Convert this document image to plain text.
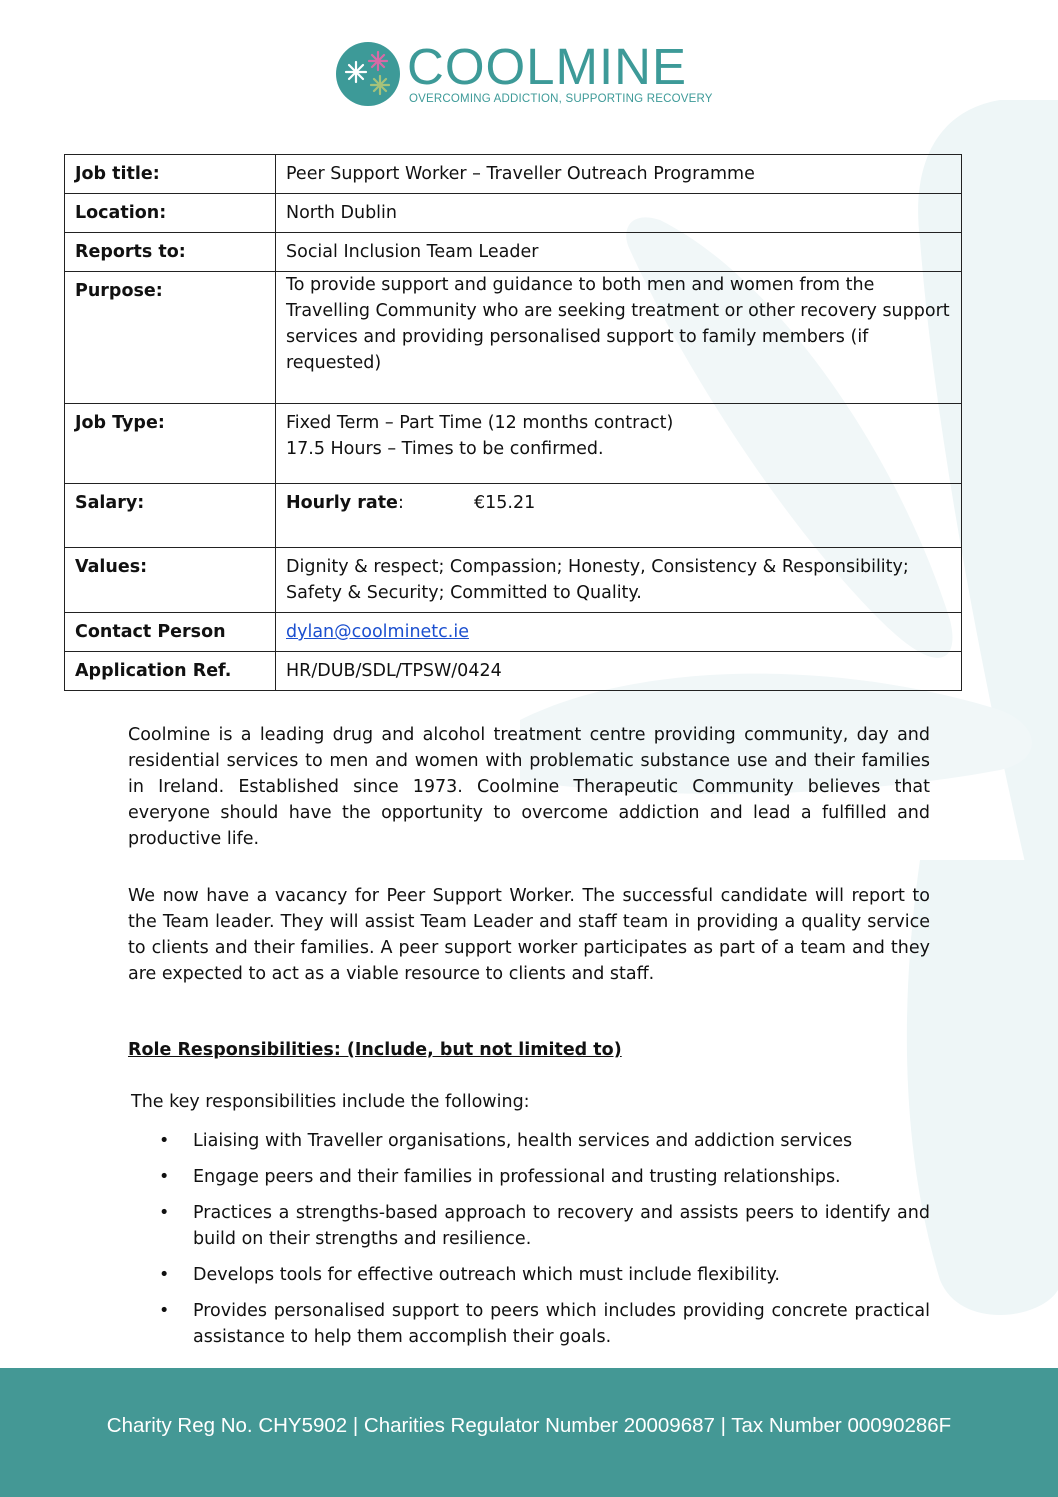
COOLMINE
OVERCOMING ADDICTION, SUPPORTING RECOVERY
Job title:	Peer Support Worker – Traveller Outreach Programme
Location:	North Dublin
Reports to:	Social Inclusion Team Leader
Purpose:	To provide support and guidance to both men and women from the Travelling Community who are seeking treatment or other recovery support services and providing personalised support to family members (if requested)
Job Type:	Fixed Term – Part Time (12 months contract)
17.5 Hours – Times to be confirmed.

Salary:	Hourly rate: €15.21
Values:	Dignity & respect; Compassion; Honesty, Consistency & Responsibility; Safety & Security; Committed to Quality.
Contact Person	dylan@coolminetc.ie
Application Ref.	HR/DUB/SDL/TPSW/0424

Coolmine is a leading drug and alcohol treatment centre providing community, day and residential services to men and women with problematic substance use and their families in Ireland. Established since 1973. Coolmine Therapeutic Community believes that everyone should have the opportunity to overcome addiction and lead a fulfilled and productive life.

We now have a vacancy for Peer Support Worker. The successful candidate will report to the Team leader. They will assist Team Leader and staff team in providing a quality service to clients and their families. A peer support worker participates as part of a team and they are expected to act as a viable resource to clients and staff.

Role Responsibilities: (Include, but not limited to)
The key responsibilities include the following:
• Liaising with Traveller organisations, health services and addiction services
• Engage peers and their families in professional and trusting relationships.
• Practices a strengths-based approach to recovery and assists peers to identify and build on their strengths and resilience.
• Develops tools for effective outreach which must include flexibility.
• Provides personalised support to peers which includes providing concrete practical assistance to help them accomplish their goals.
Charity Reg No. CHY5902 | Charities Regulator Number 20009687 | Tax Number 00090286F
